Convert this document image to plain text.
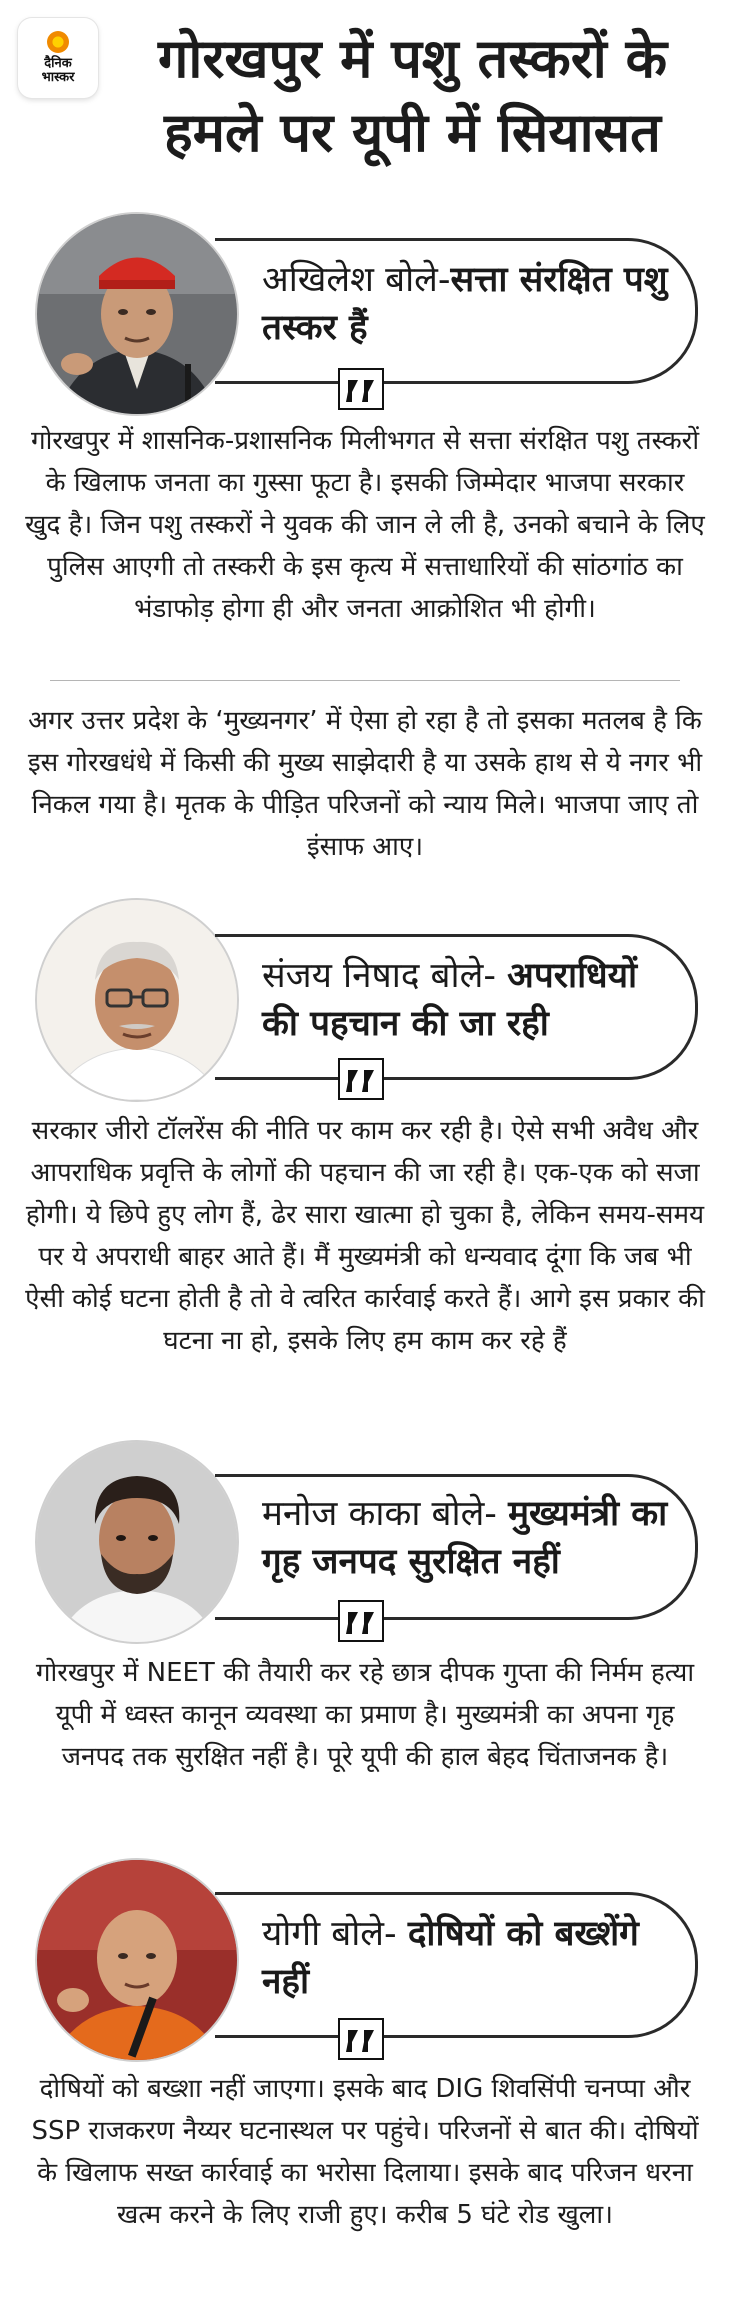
दैनिक
भास्कर	गोरखपुर में पशु तस्करों के हमले पर यूपी में सियासत
अखिलेश बोले-सत्ता संरक्षित पशु तस्कर हैं
गोरखपुर में शासनिक-प्रशासनिक मिलीभगत से सत्ता संरक्षित पशु तस्करों के खिलाफ जनता का गुस्सा फूटा है। इसकी जिम्मेदार भाजपा सरकार खुद है। जिन पशु तस्करों ने युवक की जान ले ली है, उनको बचाने के लिए पुलिस आएगी तो तस्करी के इस कृत्य में सत्ताधारियों की सांठगांठ का भंडाफोड़ होगा ही और जनता आक्रोशित भी होगी।
अगर उत्तर प्रदेश के ‘मुख्यनगर’ में ऐसा हो रहा है तो इसका मतलब है कि इस गोरखधंधे में किसी की मुख्य साझेदारी है या उसके हाथ से ये नगर भी निकल गया है। मृतक के पीड़ित परिजनों को न्याय मिले। भाजपा जाए तो इंसाफ आए।
संजय निषाद बोले- अपराधियों की पहचान की जा रही
सरकार जीरो टॉलरेंस की नीति पर काम कर रही है। ऐसे सभी अवैध और आपराधिक प्रवृत्ति के लोगों की पहचान की जा रही है। एक-एक को सजा होगी। ये छिपे हुए लोग हैं, ढेर सारा खात्मा हो चुका है, लेकिन समय-समय पर ये अपराधी बाहर आते हैं। मैं मुख्यमंत्री को धन्यवाद दूंगा कि जब भी ऐसी कोई घटना होती है तो वे त्वरित कार्रवाई करते हैं। आगे इस प्रकार की घटना ना हो, इसके लिए हम काम कर रहे हैं
मनोज काका बोले- मुख्यमंत्री का गृह जनपद सुरक्षित नहीं
गोरखपुर में NEET की तैयारी कर रहे छात्र दीपक गुप्ता की निर्मम हत्या यूपी में ध्वस्त कानून व्यवस्था का प्रमाण है। मुख्यमंत्री का अपना गृह जनपद तक सुरक्षित नहीं है। पूरे यूपी की हाल बेहद चिंताजनक है।
योगी बोले- दोषियों को बख्शेंगे नहीं
दोषियों को बख्शा नहीं जाएगा। इसके बाद DIG शिवसिंपी चनप्पा और SSP राजकरण नैय्यर घटनास्थल पर पहुंचे। परिजनों से बात की। दोषियों के खिलाफ सख्त कार्रवाई का भरोसा दिलाया। इसके बाद परिजन धरना खत्म करने के लिए राजी हुए। करीब 5 घंटे रोड खुला।
